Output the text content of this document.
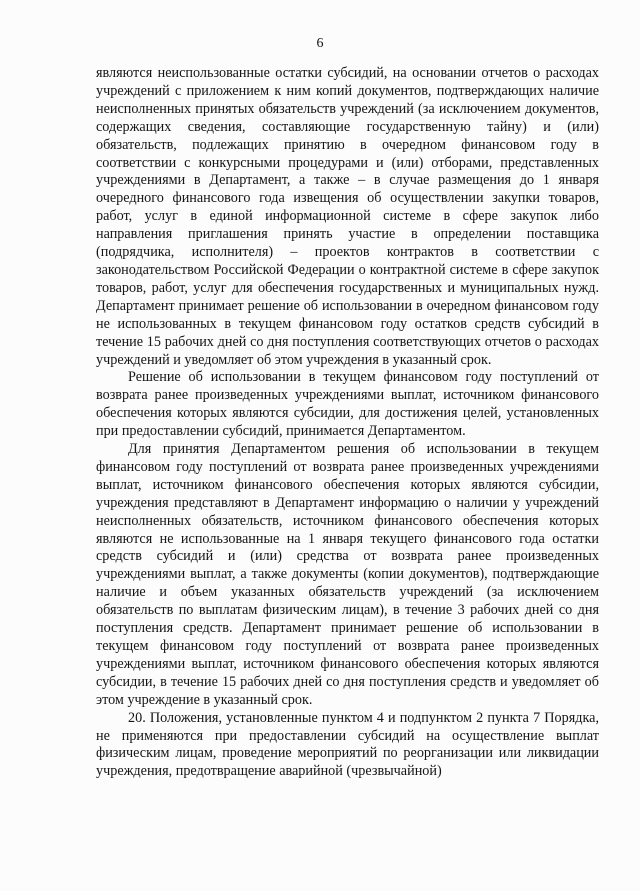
6

являются неиспользованные остатки субсидий, на основании отчетов о расходах учреждений с приложением к ним копий документов, подтверждающих наличие неисполненных принятых обязательств учреждений (за исключением документов, содержащих сведения, составляющие государственную тайну) и (или) обязательств, подлежащих принятию в очередном финансовом году в соответствии с конкурсными процедурами и (или) отборами, представленных учреждениями в Департамент, а также – в случае размещения до 1 января очередного финансового года извещения об осуществлении закупки товаров, работ, услуг в единой информационной системе в сфере закупок либо направления приглашения принять участие в определении поставщика (подрядчика, исполнителя) – проектов контрактов в соответствии с законодательством Российской Федерации о контрактной системе в сфере закупок товаров, работ, услуг для обеспечения государственных и муниципальных нужд. Департамент принимает решение об использовании в очередном финансовом году не использованных в текущем финансовом году остатков средств субсидий в течение 15 рабочих дней со дня поступления соответствующих отчетов о расходах учреждений и уведомляет об этом учреждения в указанный срок.

Решение об использовании в текущем финансовом году поступлений от возврата ранее произведенных учреждениями выплат, источником финансового обеспечения которых являются субсидии, для достижения целей, установленных при предоставлении субсидий, принимается Департаментом.

Для принятия Департаментом решения об использовании в текущем финансовом году поступлений от возврата ранее произведенных учреждениями выплат, источником финансового обеспечения которых являются субсидии, учреждения представляют в Департамент информацию о наличии у учреждений неисполненных обязательств, источником финансового обеспечения которых являются не использованные на 1 января текущего финансового года остатки средств субсидий и (или) средства от возврата ранее произведенных учреждениями выплат, а также документы (копии документов), подтверждающие наличие и объем указанных обязательств учреждений (за исключением обязательств по выплатам физическим лицам), в течение 3 рабочих дней со дня поступления средств. Департамент принимает решение об использовании в текущем финансовом году поступлений от возврата ранее произведенных учреждениями выплат, источником финансового обеспечения которых являются субсидии, в течение 15 рабочих дней со дня поступления средств и уведомляет об этом учреждение в указанный срок.

20. Положения, установленные пунктом 4 и подпунктом 2 пункта 7 Порядка, не применяются при предоставлении субсидий на осуществление выплат физическим лицам, проведение мероприятий по реорганизации или ликвидации учреждения, предотвращение аварийной (чрезвычайной)
